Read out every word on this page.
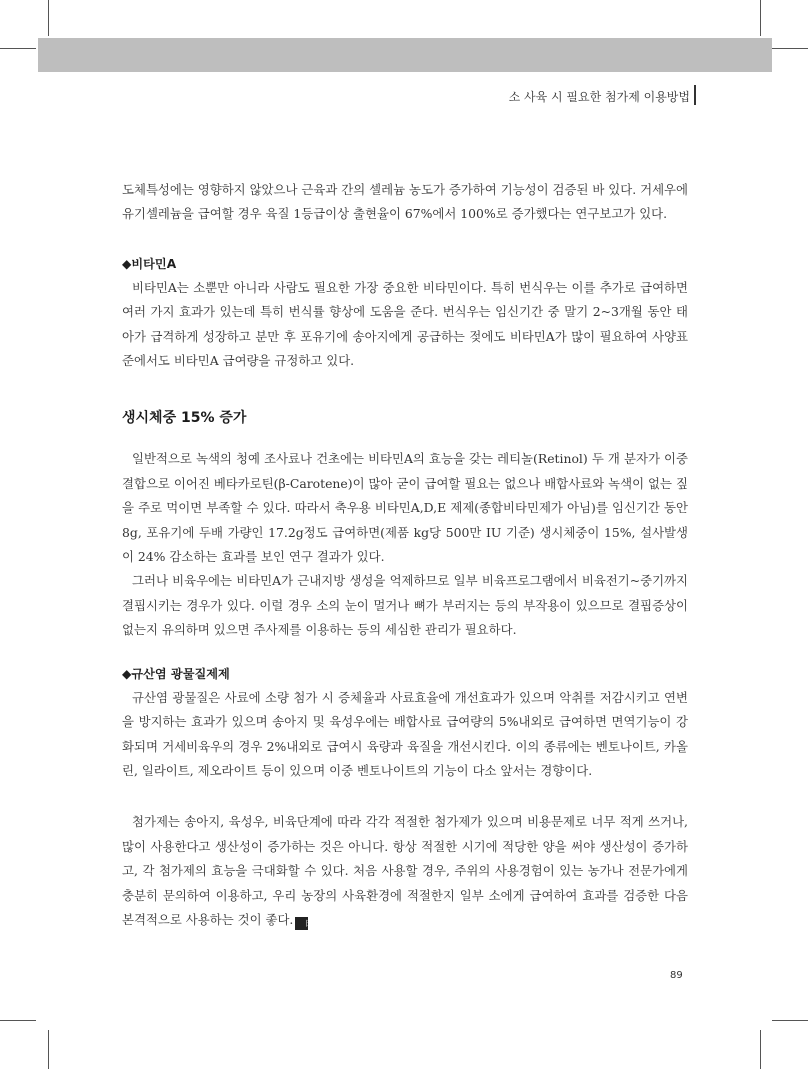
소 사육 시 필요한 첨가제 이용방법

도체특성에는 영향하지 않았으나 근육과 간의 셀레늄 농도가 증가하여 기능성이 검증된 바 있다. 거세우에 유기셀레늄을 급여할 경우 육질 1등급이상 출현율이 67%에서 100%로 증가했다는 연구보고가 있다.

◆비타민A

비타민A는 소뿐만 아니라 사람도 필요한 가장 중요한 비타민이다. 특히 번식우는 이를 추가로 급여하면 여러 가지 효과가 있는데 특히 번식률 향상에 도움을 준다. 번식우는 임신기간 중 말기 2~3개월 동안 태아가 급격하게 성장하고 분만 후 포유기에 송아지에게 공급하는 젖에도 비타민A가 많이 필요하여 사양표준에서도 비타민A 급여량을 규정하고 있다.

생시체중 15% 증가

일반적으로 녹색의 청예 조사료나 건초에는 비타민A의 효능을 갖는 레티놀(Retinol) 두 개 분자가 이중결합으로 이어진 베타카로틴(β-Carotene)이 많아 굳이 급여할 필요는 없으나 배합사료와 녹색이 없는 짚을 주로 먹이면 부족할 수 있다. 따라서 축우용 비타민A,D,E 제제(종합비타민제가 아님)를 임신기간 동안 8g, 포유기에 두배 가량인 17.2g정도 급여하면(제품 kg당 500만 IU 기준) 생시체중이 15%, 설사발생이 24% 감소하는 효과를 보인 연구 결과가 있다.

그러나 비육우에는 비타민A가 근내지방 생성을 억제하므로 일부 비육프로그램에서 비육전기~중기까지 결핍시키는 경우가 있다. 이럴 경우 소의 눈이 멀거나 뼈가 부러지는 등의 부작용이 있으므로 결핍증상이 없는지 유의하며 있으면 주사제를 이용하는 등의 세심한 관리가 필요하다.

◆규산염 광물질제제

규산염 광물질은 사료에 소량 첨가 시 증체율과 사료효율에 개선효과가 있으며 악취를 저감시키고 연변을 방지하는 효과가 있으며 송아지 및 육성우에는 배합사료 급여량의 5%내외로 급여하면 면역기능이 강화되며 거세비육우의 경우 2%내외로 급여시 육량과 육질을 개선시킨다. 이의 종류에는 벤토나이트, 카올린, 일라이트, 제오라이트 등이 있으며 이중 벤토나이트의 기능이 다소 앞서는 경향이다.

첨가제는 송아지, 육성우, 비육단계에 따라 각각 적절한 첨가제가 있으며 비용문제로 너무 적게 쓰거나, 많이 사용한다고 생산성이 증가하는 것은 아니다. 항상 적절한 시기에 적당한 양을 써야 생산성이 증가하고, 각 첨가제의 효능을 극대화할 수 있다. 처음 사용할 경우, 주위의 사용경험이 있는 농가나 전문가에게 충분히 문의하여 이용하고, 우리 농장의 사육환경에 적절한지 일부 소에게 급여하여 효과를 검증한 다음 본격적으로 사용하는 것이 좋다. 田

89
